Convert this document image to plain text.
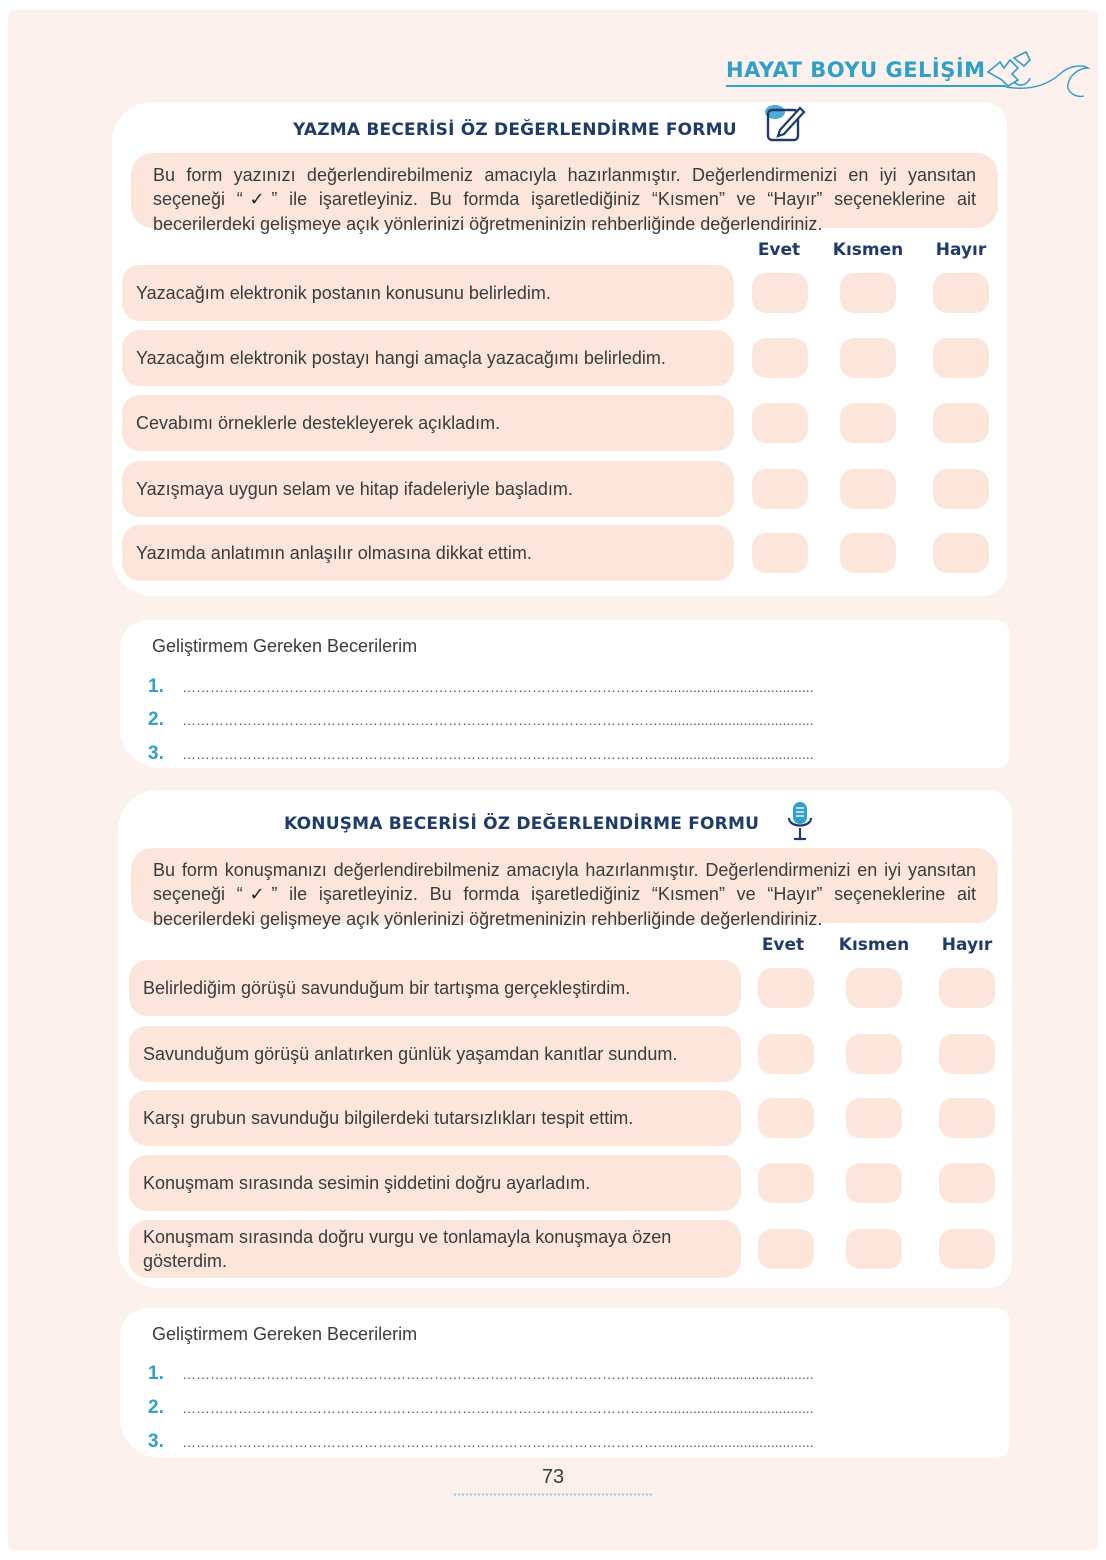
HAYAT BOYU GELİŞİM
YAZMA BECERİSİ ÖZ DEĞERLENDİRME FORMU
Bu form yazınızı değerlendirebilmeniz amacıyla hazırlanmıştır. Değerlendirmenizi en iyi yansıtan seçeneği “✓” ile işaretleyiniz. Bu formda işaretlediğiniz “Kısmen” ve “Hayır” seçeneklerine ait becerilerdeki gelişmeye açık yönlerinizi öğretmeninizin rehberliğinde değerlendiriniz.
Evet	Kısmen	Hayır
Yazacağım elektronik postanın konusunu belirledim.
Yazacağım elektronik postayı hangi amaçla yazacağımı belirledim.
Cevabımı örneklerle destekleyerek açıkladım.
Yazışmaya uygun selam ve hitap ifadeleriyle başladım.
Yazımda anlatımın anlaşılır olmasına dikkat ettim.
Geliştirmem Gereken Becerilerim
1.	…………………………………………………………………………………………........................................
2.	…………………………………………………………………………………………........................................
3.	…………………………………………………………………………………………........................................
KONUŞMA BECERİSİ ÖZ DEĞERLENDİRME FORMU
Bu form konuşmanızı değerlendirebilmeniz amacıyla hazırlanmıştır. Değerlendirmenizi en iyi yansıtan seçeneği “✓” ile işaretleyiniz. Bu formda işaretlediğiniz “Kısmen” ve “Hayır” seçeneklerine ait becerilerdeki gelişmeye açık yönlerinizi öğretmeninizin rehberliğinde değerlendiriniz.
Evet	Kısmen	Hayır
Belirlediğim görüşü savunduğum bir tartışma gerçekleştirdim.
Savunduğum görüşü anlatırken günlük yaşamdan kanıtlar sundum.
Karşı grubun savunduğu bilgilerdeki tutarsızlıkları tespit ettim.
Konuşmam sırasında sesimin şiddetini doğru ayarladım.
Konuşmam sırasında doğru vurgu ve tonlamayla konuşmaya özen gösterdim.
Geliştirmem Gereken Becerilerim
1.	…………………………………………………………………………………………........................................
2.	…………………………………………………………………………………………........................................
3.	…………………………………………………………………………………………........................................
73
